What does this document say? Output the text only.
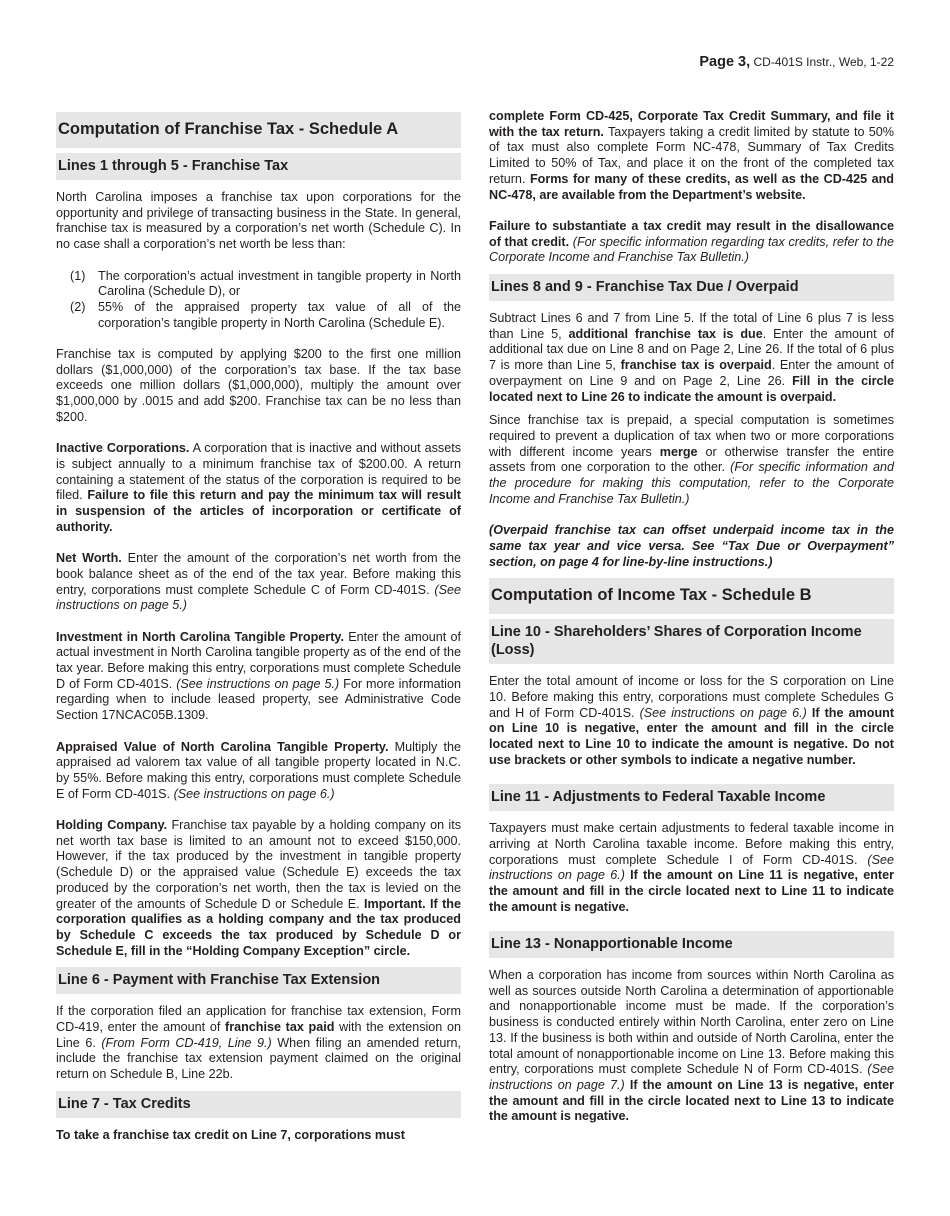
Page 3, CD-401S Instr., Web, 1-22
Computation of Franchise Tax - Schedule A
Lines 1 through 5 - Franchise Tax
North Carolina imposes a franchise tax upon corporations for the opportunity and privilege of transacting business in the State. In general, franchise tax is measured by a corporation’s net worth (Schedule C). In no case shall a corporation’s net worth be less than:
(1) The corporation’s actual investment in tangible property in North Carolina (Schedule D), or
(2) 55% of the appraised property tax value of all of the corporation’s tangible property in North Carolina (Schedule E).
Franchise tax is computed by applying $200 to the first one million dollars ($1,000,000) of the corporation’s tax base. If the tax base exceeds one million dollars ($1,000,000), multiply the amount over $1,000,000 by .0015 and add $200. Franchise tax can be no less than $200.
Inactive Corporations. A corporation that is inactive and without assets is subject annually to a minimum franchise tax of $200.00. A return containing a statement of the status of the corporation is required to be filed. Failure to file this return and pay the minimum tax will result in suspension of the articles of incorporation or certificate of authority.
Net Worth. Enter the amount of the corporation’s net worth from the book balance sheet as of the end of the tax year. Before making this entry, corporations must complete Schedule C of Form CD-401S. (See instructions on page 5.)
Investment in North Carolina Tangible Property. Enter the amount of actual investment in North Carolina tangible property as of the end of the tax year. Before making this entry, corporations must complete Schedule D of Form CD-401S. (See instructions on page 5.) For more information regarding when to include leased property, see Administrative Code Section 17NCAC05B.1309.
Appraised Value of North Carolina Tangible Property. Multiply the appraised ad valorem tax value of all tangible property located in N.C. by 55%. Before making this entry, corporations must complete Schedule E of Form CD-401S. (See instructions on page 6.)
Holding Company. Franchise tax payable by a holding company on its net worth tax base is limited to an amount not to exceed $150,000. However, if the tax produced by the investment in tangible property (Schedule D) or the appraised value (Schedule E) exceeds the tax produced by the corporation’s net worth, then the tax is levied on the greater of the amounts of Schedule D or Schedule E. Important. If the corporation qualifies as a holding company and the tax produced by Schedule C exceeds the tax produced by Schedule D or Schedule E, fill in the “Holding Company Exception” circle.
Line 6 - Payment with Franchise Tax Extension
If the corporation filed an application for franchise tax extension, Form CD-419, enter the amount of franchise tax paid with the extension on Line 6. (From Form CD-419, Line 9.) When filing an amended return, include the franchise tax extension payment claimed on the original return on Schedule B, Line 22b.
Line 7 - Tax Credits
To take a franchise tax credit on Line 7, corporations must
complete Form CD-425, Corporate Tax Credit Summary, and file it with the tax return. Taxpayers taking a credit limited by statute to 50% of tax must also complete Form NC-478, Summary of Tax Credits Limited to 50% of Tax, and place it on the front of the completed tax return. Forms for many of these credits, as well as the CD-425 and NC-478, are available from the Department’s website.
Failure to substantiate a tax credit may result in the disallowance of that credit. (For specific information regarding tax credits, refer to the Corporate Income and Franchise Tax Bulletin.)
Lines 8 and 9 - Franchise Tax Due / Overpaid
Subtract Lines 6 and 7 from Line 5. If the total of Line 6 plus 7 is less than Line 5, additional franchise tax is due. Enter the amount of additional tax due on Line 8 and on Page 2, Line 26. If the total of 6 plus 7 is more than Line 5, franchise tax is overpaid. Enter the amount of overpayment on Line 9 and on Page 2, Line 26. Fill in the circle located next to Line 26 to indicate the amount is overpaid.
Since franchise tax is prepaid, a special computation is sometimes required to prevent a duplication of tax when two or more corporations with different income years merge or otherwise transfer the entire assets from one corporation to the other. (For specific information and the procedure for making this computation, refer to the Corporate Income and Franchise Tax Bulletin.)
(Overpaid franchise tax can offset underpaid income tax in the same tax year and vice versa. See “Tax Due or Overpayment” section, on page 4 for line-by-line instructions.)
Computation of Income Tax - Schedule B
Line 10 - Shareholders’ Shares of Corporation Income (Loss)
Enter the total amount of income or loss for the S corporation on Line 10. Before making this entry, corporations must complete Schedules G and H of Form CD-401S. (See instructions on page 6.) If the amount on Line 10 is negative, enter the amount and fill in the circle located next to Line 10 to indicate the amount is negative. Do not use brackets or other symbols to indicate a negative number.
Line 11 - Adjustments to Federal Taxable Income
Taxpayers must make certain adjustments to federal taxable income in arriving at North Carolina taxable income. Before making this entry, corporations must complete Schedule I of Form CD-401S. (See instructions on page 6.) If the amount on Line 11 is negative, enter the amount and fill in the circle located next to Line 11 to indicate the amount is negative.
Line 13 - Nonapportionable Income
When a corporation has income from sources within North Carolina as well as sources outside North Carolina a determination of apportionable and nonapportionable income must be made. If the corporation’s business is conducted entirely within North Carolina, enter zero on Line 13. If the business is both within and outside of North Carolina, enter the total amount of nonapportionable income on Line 13. Before making this entry, corporations must complete Schedule N of Form CD-401S. (See instructions on page 7.) If the amount on Line 13 is negative, enter the amount and fill in the circle located next to Line 13 to indicate the amount is negative.
